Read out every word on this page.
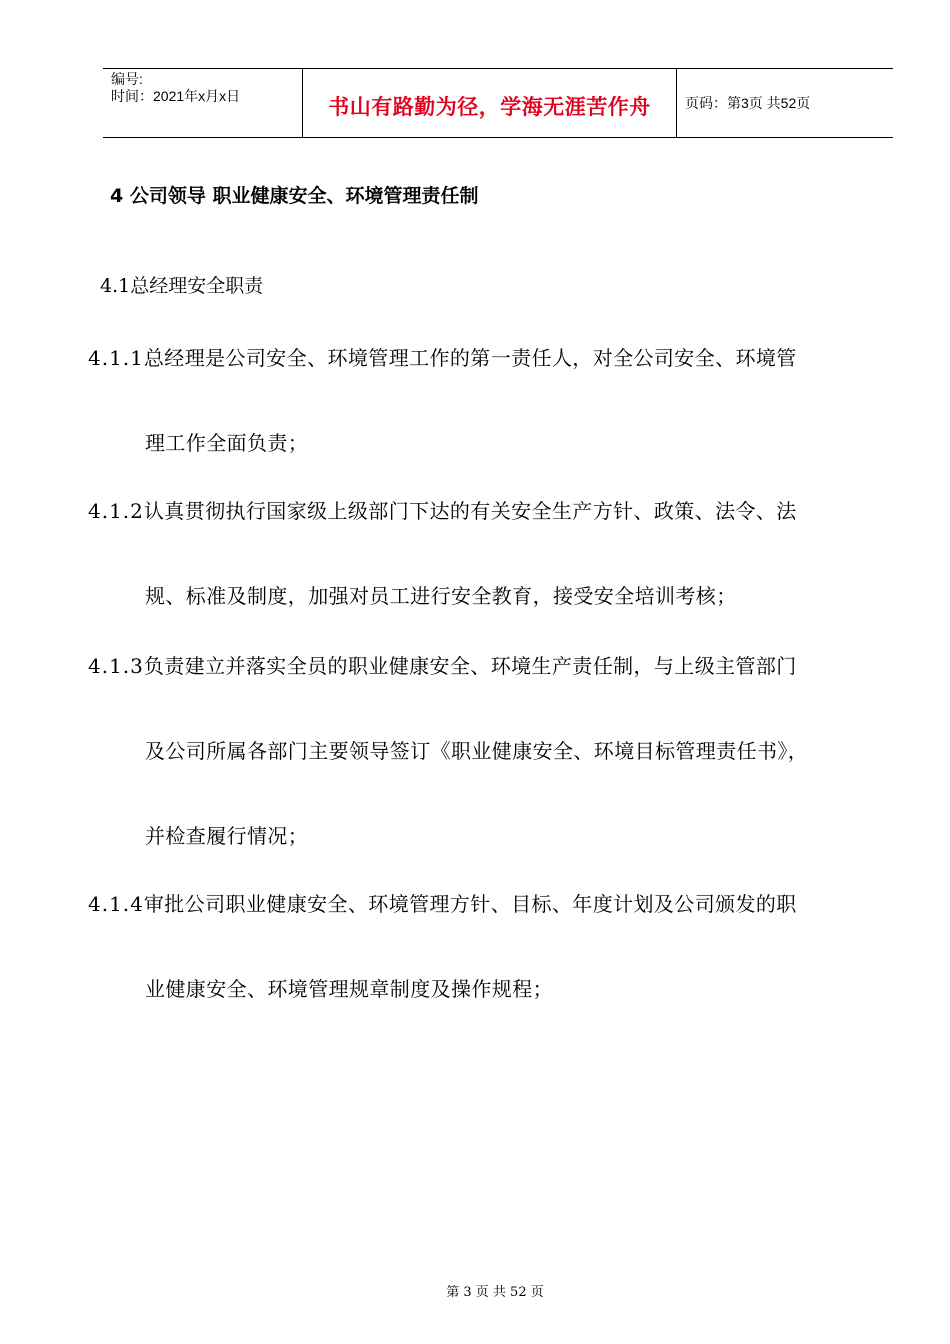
编号:
时间：2021年x月x日	书山有路勤为径，学海无涯苦作舟 页码：第3页 共52页
4 公司领导 职业健康安全、环境管理责任制
4.1总经理安全职责
4.1.1总经理是公司安全、环境管理工作的第一责任人，对全公司安全、环境管
理工作全面负责；
4.1.2认真贯彻执行国家级上级部门下达的有关安全生产方针、政策、法令、法
规、标准及制度，加强对员工进行安全教育，接受安全培训考核；
4.1.3负责建立并落实全员的职业健康安全、环境生产责任制，与上级主管部门
及公司所属各部门主要领导签订《职业健康安全、环境目标管理责任书》，
并检查履行情况；
4.1.4审批公司职业健康安全、环境管理方针、目标、年度计划及公司颁发的职
业健康安全、环境管理规章制度及操作规程；
第 3 页 共 52 页
